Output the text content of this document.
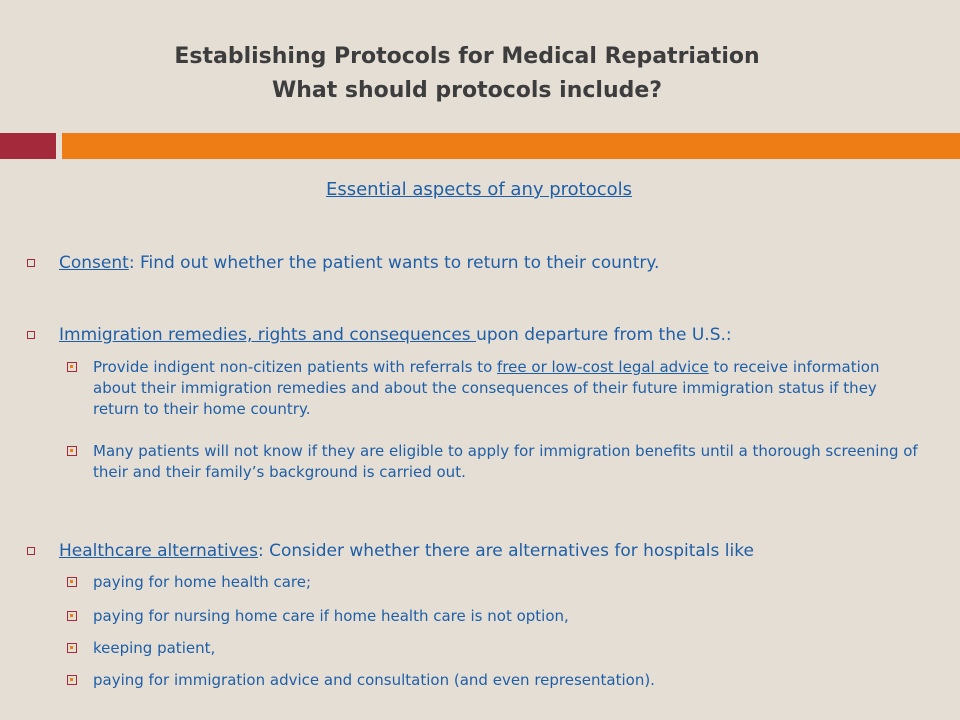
Establishing Protocols for Medical Repatriation
What should protocols include?
Essential aspects of any protocols
Consent: Find out whether the patient wants to return to their country.
Immigration remedies, rights and consequences upon departure from the U.S.:
Provide indigent non-citizen patients with referrals to free or low-cost legal advice to receive information about their immigration remedies and about the consequences of their future immigration status if they return to their home country.
Many patients will not know if they are eligible to apply for immigration benefits until a thorough screening of their and their family’s background is carried out.
Healthcare alternatives: Consider whether there are alternatives for hospitals like
paying for home health care;
paying for nursing home care if home health care is not option,
keeping patient,
paying for immigration advice and consultation (and even representation).
